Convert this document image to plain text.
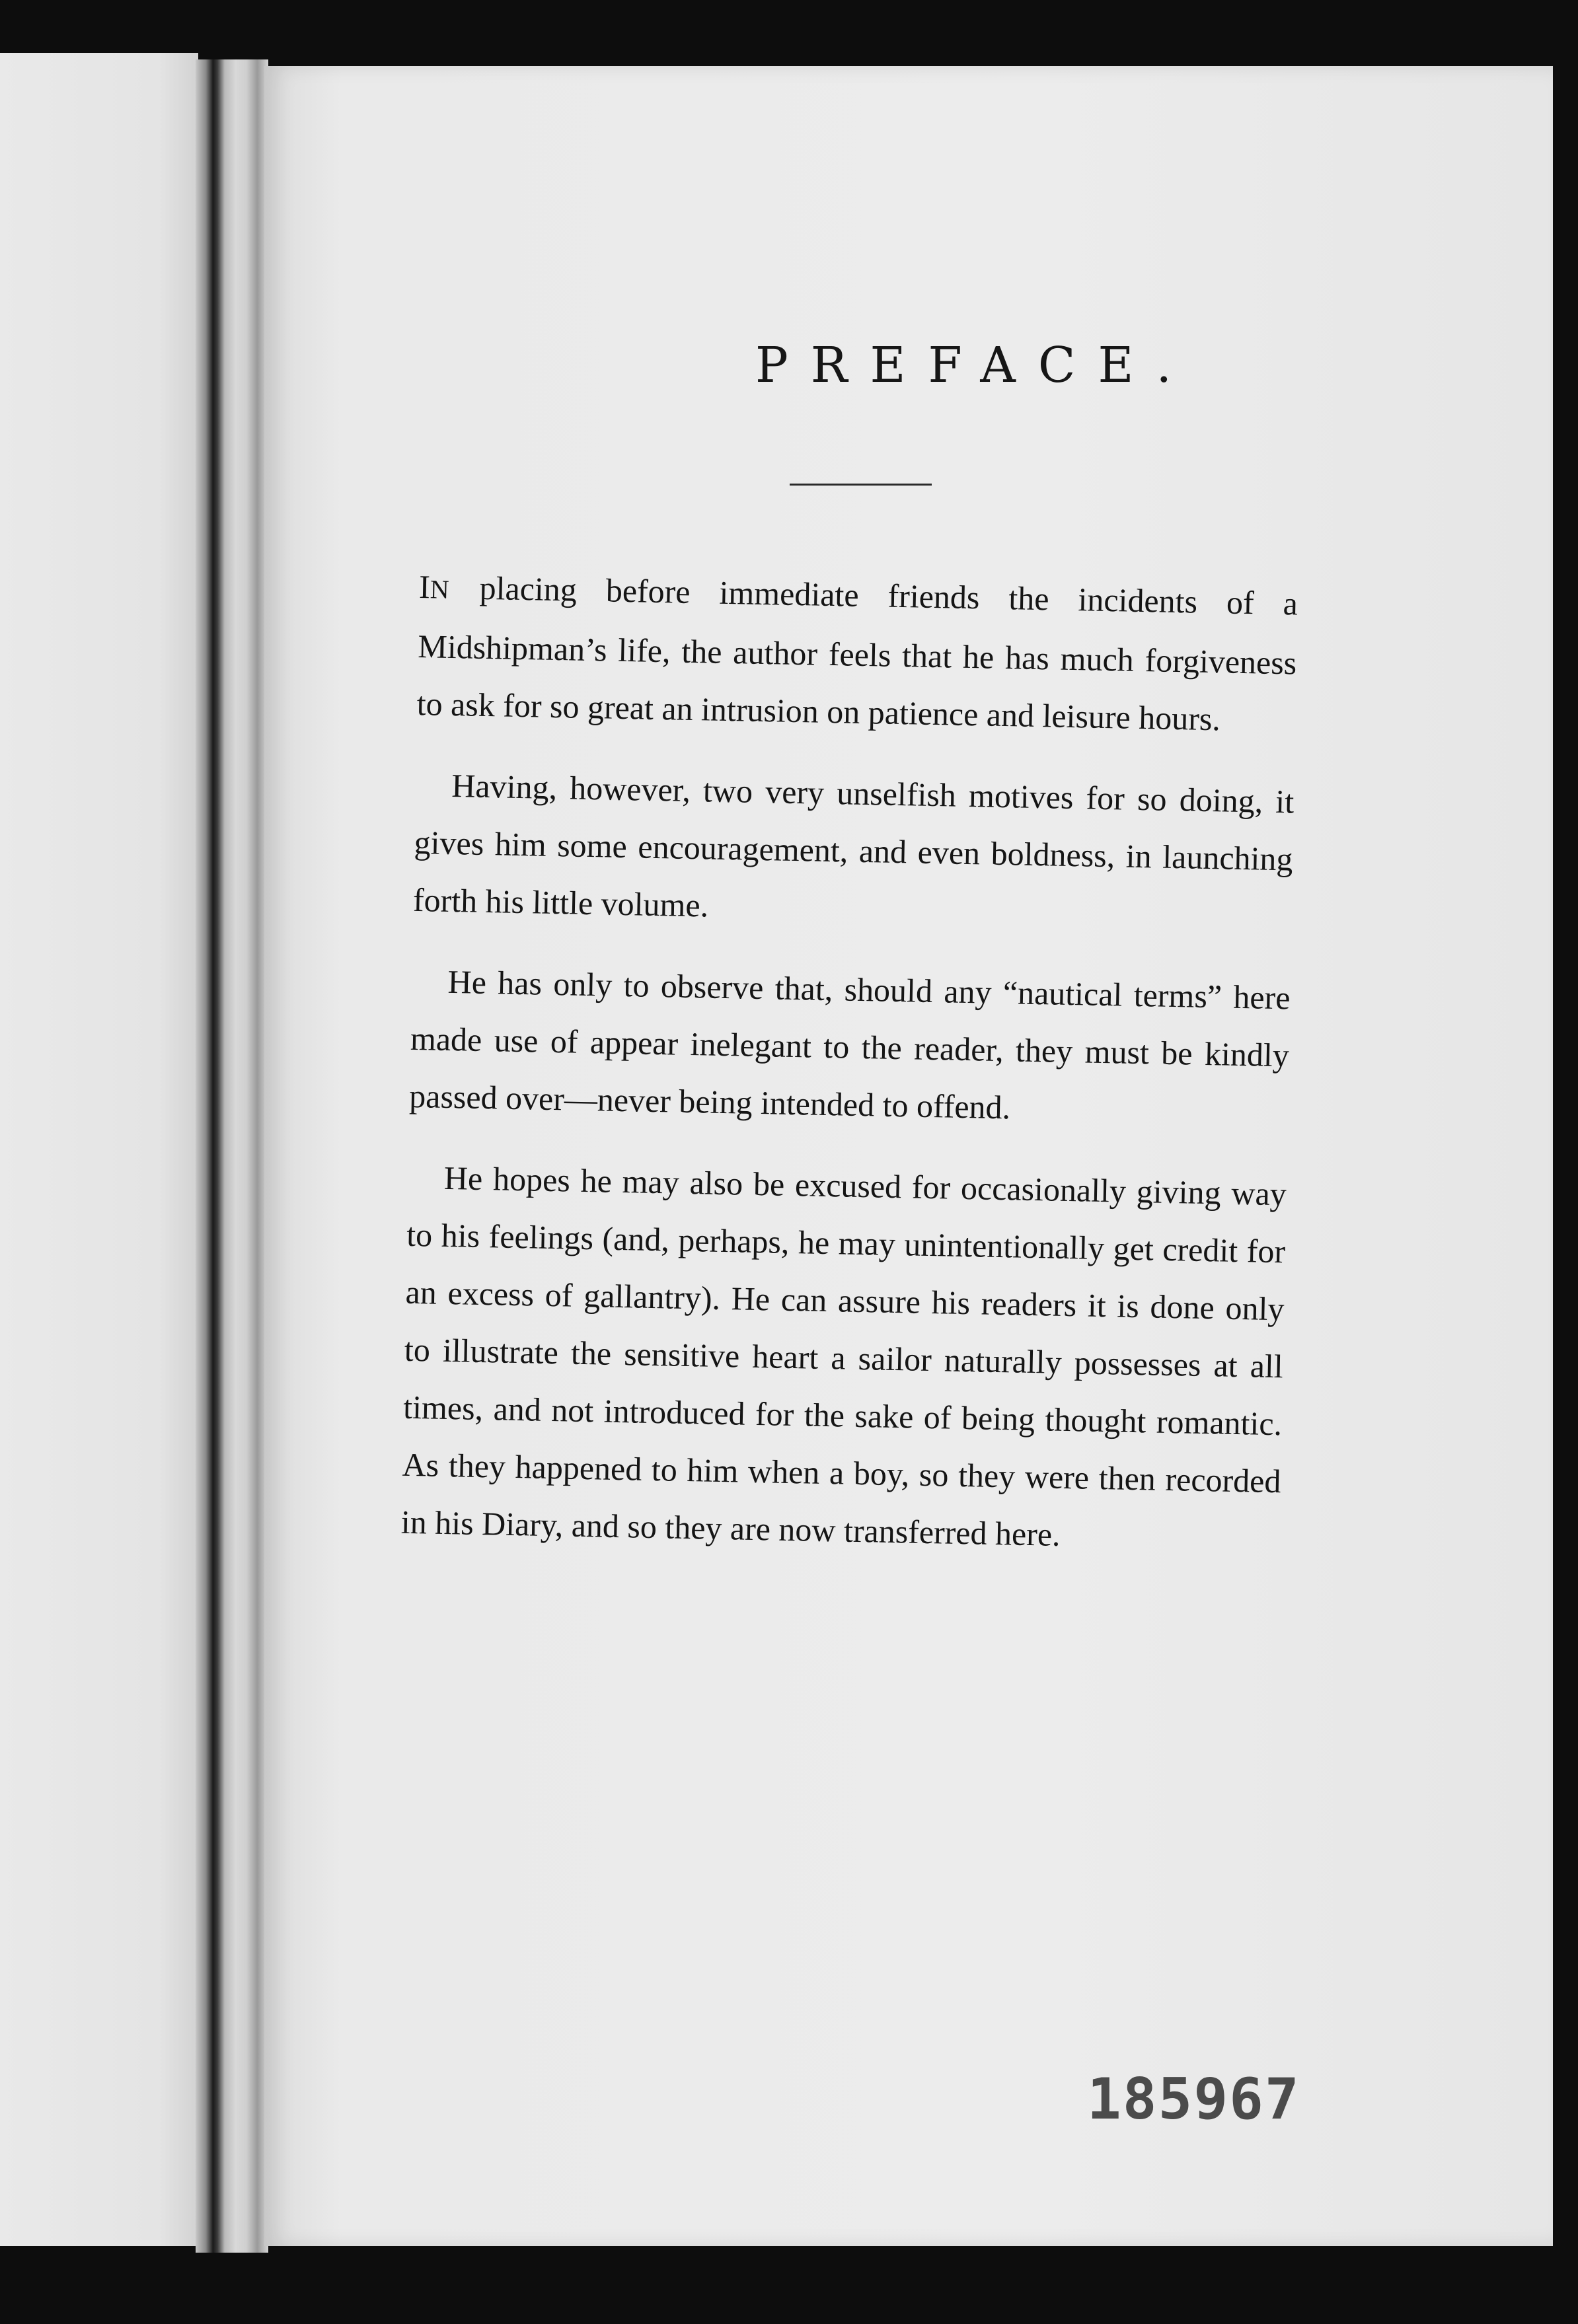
PREFACE.

IN placing before immediate friends the incidents of a Midshipman’s life, the author feels that he has much forgiveness to ask for so great an intrusion on patience and leisure hours.

Having, however, two very unselfish motives for so doing, it gives him some encouragement, and even boldness, in launching forth his little volume.

He has only to observe that, should any “nautical terms” here made use of appear inelegant to the reader, they must be kindly passed over—never being intended to offend.

He hopes he may also be excused for occasionally giving way to his feelings (and, perhaps, he may unintentionally get credit for an excess of gallantry). He can assure his readers it is done only to illustrate the sensitive heart a sailor naturally possesses at all times, and not introduced for the sake of being thought romantic. As they happened to him when a boy, so they were then recorded in his Diary, and so they are now transferred here.

185967
